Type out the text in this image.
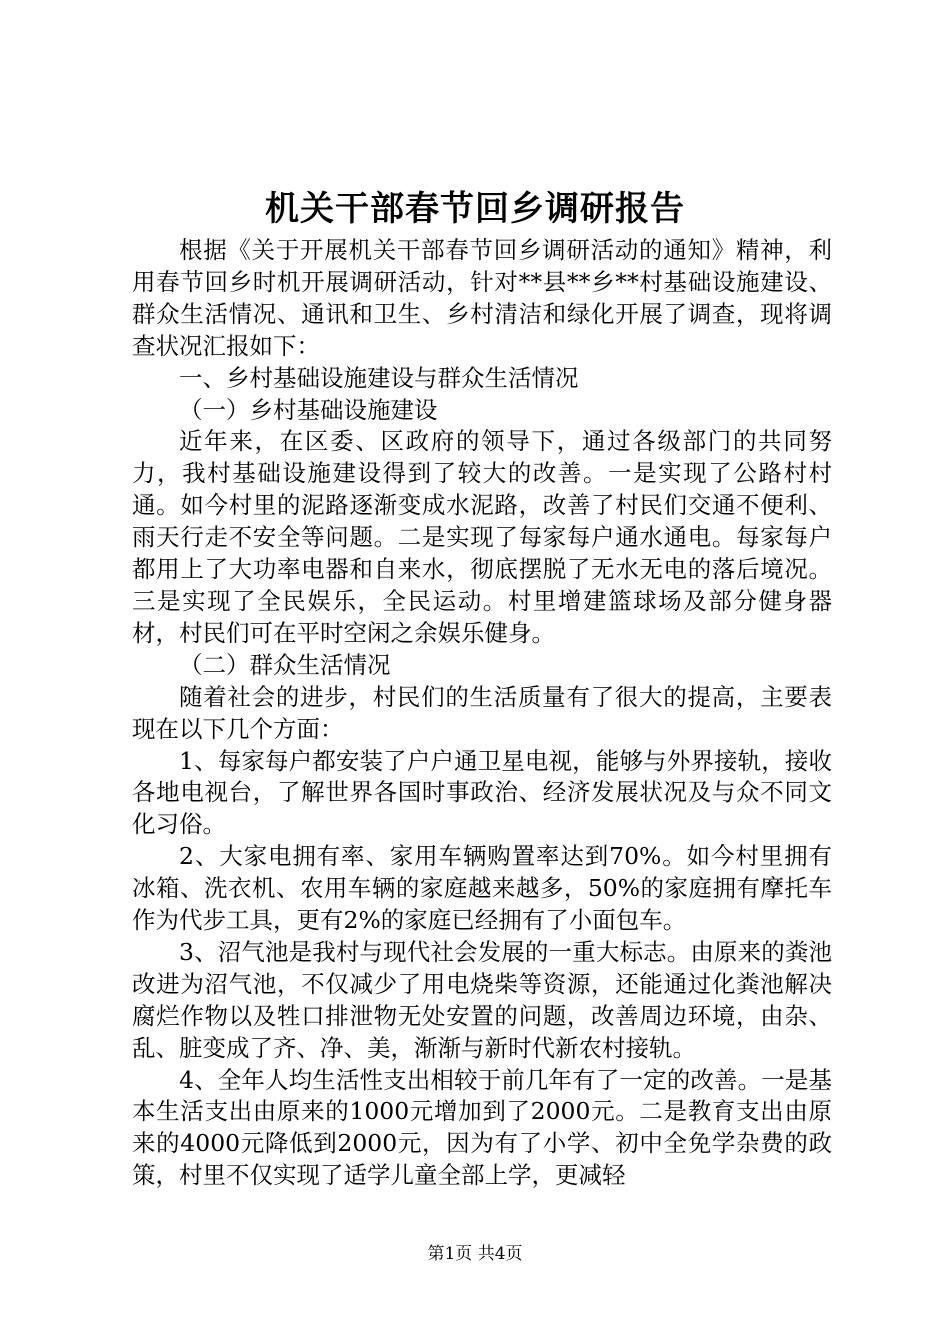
机关干部春节回乡调研报告

根据《关于开展机关干部春节回乡调研活动的通知》精神，利用春节回乡时机开展调研活动，针对**县**乡**村基础设施建设、群众生活情况、通讯和卫生、乡村清洁和绿化开展了调查，现将调查状况汇报如下：

一、乡村基础设施建设与群众生活情况

（一）乡村基础设施建设

近年来，在区委、区政府的领导下，通过各级部门的共同努力，我村基础设施建设得到了较大的改善。一是实现了公路村村通。如今村里的泥路逐渐变成水泥路，改善了村民们交通不便利、雨天行走不安全等问题。二是实现了每家每户通水通电。每家每户都用上了大功率电器和自来水，彻底摆脱了无水无电的落后境况。三是实现了全民娱乐，全民运动。村里增建篮球场及部分健身器材，村民们可在平时空闲之余娱乐健身。

（二）群众生活情况

随着社会的进步，村民们的生活质量有了很大的提高，主要表现在以下几个方面：

1、每家每户都安装了户户通卫星电视，能够与外界接轨，接收各地电视台，了解世界各国时事政治、经济发展状况及与众不同文化习俗。

2、大家电拥有率、家用车辆购置率达到70%。如今村里拥有冰箱、洗衣机、农用车辆的家庭越来越多，50%的家庭拥有摩托车作为代步工具，更有2%的家庭已经拥有了小面包车。

3、沼气池是我村与现代社会发展的一重大标志。由原来的粪池改进为沼气池，不仅减少了用电烧柴等资源，还能通过化粪池解决腐烂作物以及牲口排泄物无处安置的问题，改善周边环境，由杂、乱、脏变成了齐、净、美，渐渐与新时代新农村接轨。

4、全年人均生活性支出相较于前几年有了一定的改善。一是基本生活支出由原来的1000元增加到了2000元。二是教育支出由原来的4000元降低到2000元，因为有了小学、初中全免学杂费的政策，村里不仅实现了适学儿童全部上学，更减轻

第1页 共4页
